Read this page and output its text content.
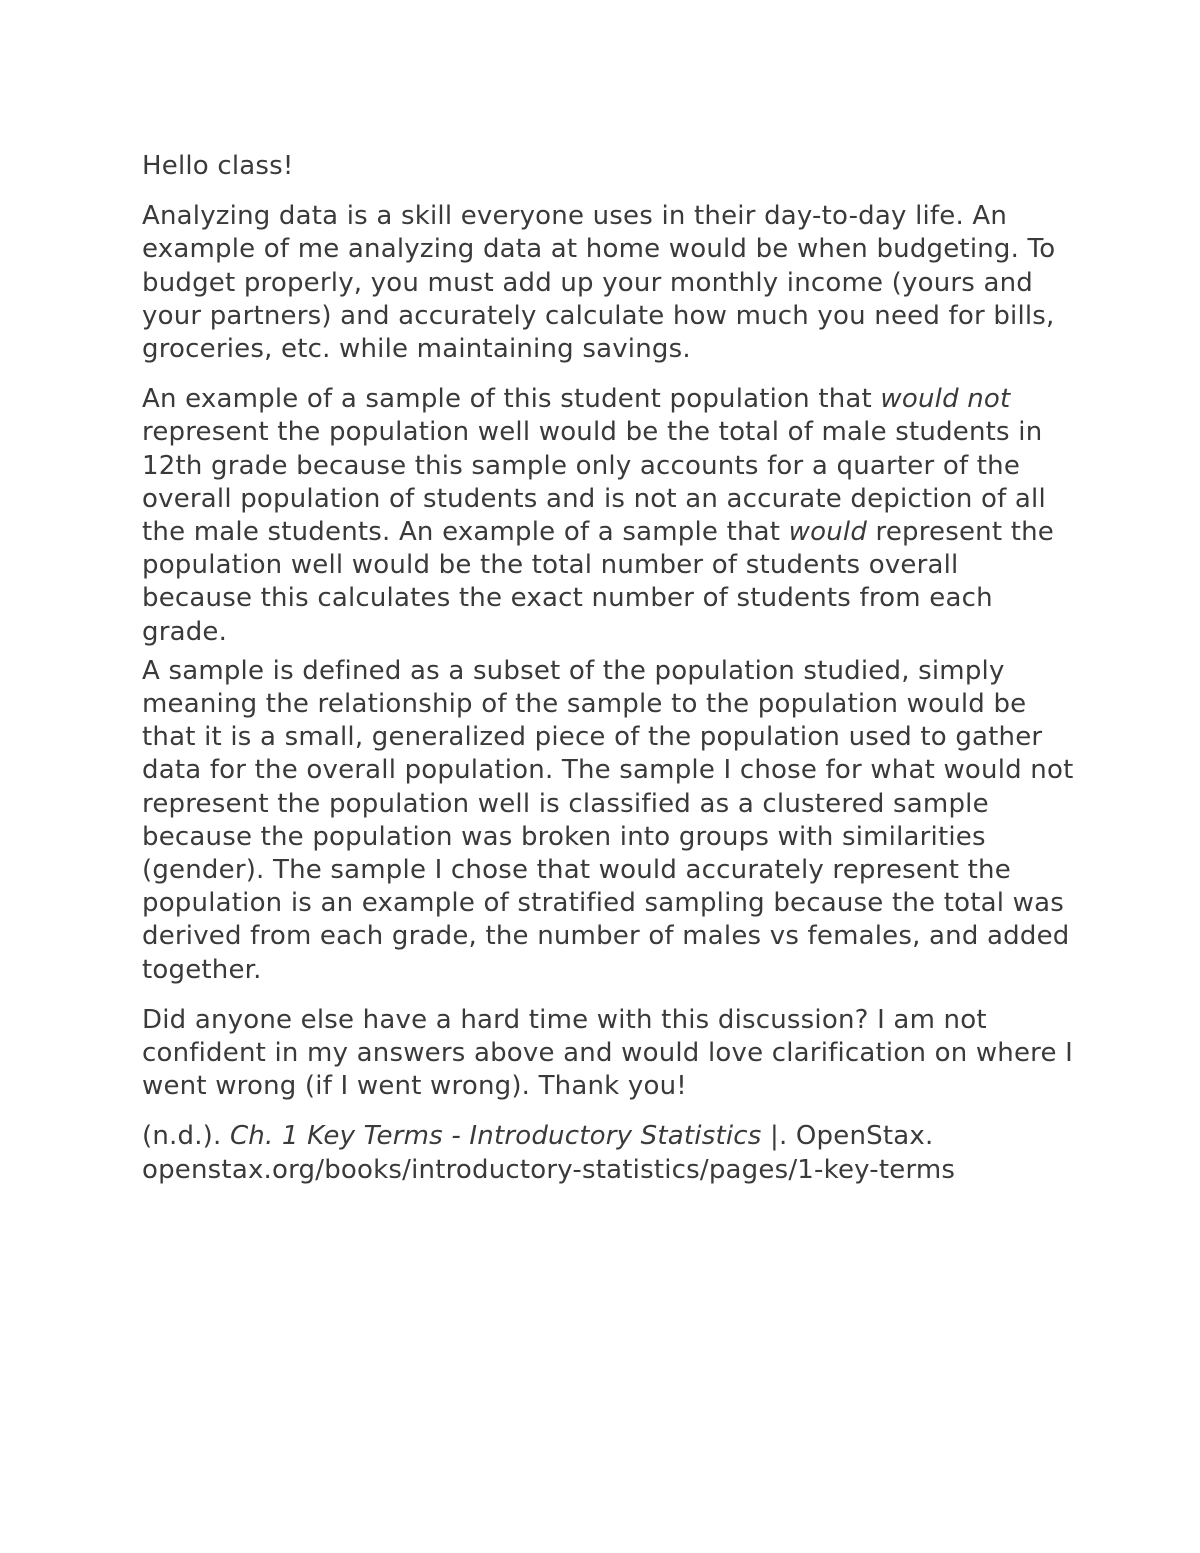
Hello class!

Analyzing data is a skill everyone uses in their day-to-day life. An example of me analyzing data at home would be when budgeting. To budget properly, you must add up your monthly income (yours and your partners) and accurately calculate how much you need for bills, groceries, etc. while maintaining savings.

An example of a sample of this student population that would not represent the population well would be the total of male students in 12th grade because this sample only accounts for a quarter of the overall population of students and is not an accurate depiction of all the male students. An example of a sample that would represent the population well would be the total number of students overall because this calculates the exact number of students from each grade.

A sample is defined as a subset of the population studied, simply meaning the relationship of the sample to the population would be that it is a small, generalized piece of the population used to gather data for the overall population. The sample I chose for what would not represent the population well is classified as a clustered sample because the population was broken into groups with similarities (gender). The sample I chose that would accurately represent the population is an example of stratified sampling because the total was derived from each grade, the number of males vs females, and added together.

Did anyone else have a hard time with this discussion? I am not confident in my answers above and would love clarification on where I went wrong (if I went wrong). Thank you!

(n.d.). Ch. 1 Key Terms - Introductory Statistics |. OpenStax.
openstax.org/books/introductory-statistics/pages/1-key-terms
